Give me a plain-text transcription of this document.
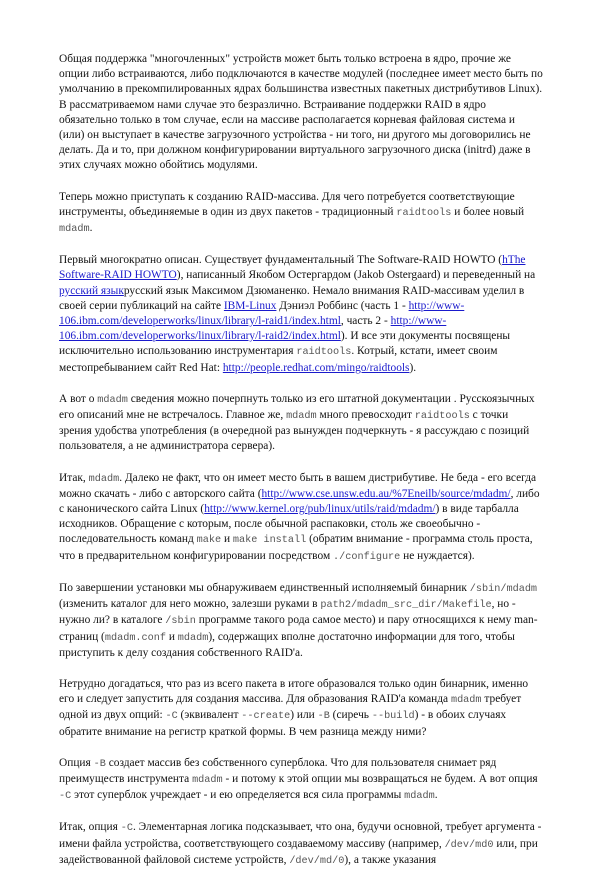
Общая поддержка "многочленных" устройств может быть только встроена в ядро, прочие же опции либо встраиваются, либо подключаются в качестве модулей (последнее имеет место быть по умолчанию в прекомпилированных ядрах большинства известных пакетных дистрибутивов Linux). В рассматриваемом нами случае это безразлично. Встраивание поддержки RAID в ядро обязательно только в том случае, если на массиве располагается корневая файловая система и (или) он выступает в качестве загрузочного устройства - ни того, ни другого мы договорились не делать. Да и то, при должном конфигурировании виртуального загрузочного диска (initrd) даже в этих случаях можно обойтись модулями.

Теперь можно приступать к созданию RAID-массива. Для чего потребуется соответствующие инструменты, объединяемые в один из двух пакетов - традиционный raidtools и более новый mdadm.

Первый многократно описан. Существует фундаментальный The Software-RAID HOWTO (hThe Software-RAID HOWTO), написанный Якобом Остергардом (Jakob Ostergaard) и переведенный на русский языкрусский язык Максимом Дзюманенко. Немало внимания RAID-массивам уделил в своей серии публикаций на сайте IBM-Linux Дэниэл Роббинс (часть 1 - http://www-106.ibm.com/developerworks/linux/library/l-raid1/index.html, часть 2 - http://www-106.ibm.com/developerworks/linux/library/l-raid2/index.html). И все эти документы посвящены исключительно использованию инструментария raidtools. Котрый, кстати, имеет своим местопребыванием сайт Red Hat: http://people.redhat.com/mingo/raidtools).

А вот о mdadm сведения можно почерпнуть только из его штатной документации . Русскоязычных его описаний мне не встречалось. Главное же, mdadm много превосходит raidtools с точки зрения удобства употребления (в очередной раз вынужден подчеркнуть - я рассуждаю с позиций пользователя, а не администратора сервера).

Итак, mdadm. Далеко не факт, что он имеет место быть в вашем дистрибутиве. Не беда - его всегда можно скачать - либо с авторского сайта (http://www.cse.unsw.edu.au/%7Eneilb/source/mdadm/, либо с канонического сайта Linux (http://www.kernel.org/pub/linux/utils/raid/mdadm/) в виде тарбалла исходников. Обращение с которым, после обычной распаковки, столь же своеобычно - последовательность команд make и make install (обратим внимание - программа столь проста, что в предварительном конфигурировании посредством ./configure не нуждается).

По завершении установки мы обнаруживаем единственный исполняемый бинарник /sbin/mdadm (изменить каталог для него можно, залезши руками в path2/mdadm_src_dir/Makefile, но - нужно ли? в каталоге /sbin программе такого рода самое место) и пару относящихся к нему man-страниц (mdadm.conf и mdadm), содержащих вполне достаточно информации для того, чтобы приступить к делу создания собственного RAID'a.

Нетрудно догадаться, что раз из всего пакета в итоге образовался только один бинарник, именно его и следует запустить для создания массива. Для образования RAID'a команда mdadm требует одной из двух опций: -C (эквивалент --create) или -B (сиречь --build) - в обоих случаях обратите внимание на регистр краткой формы. В чем разница между ними?

Опция -B создает массив без собственного суперблока. Что для пользователя снимает ряд преимуществ инструмента mdadm - и потому к этой опции мы возвращаться не будем. А вот опция -C этот суперблок учреждает - и ею определяется вся сила программы mdadm.

Итак, опция -C. Элементарная логика подсказывает, что она, будучи основной, требует аргумента - имени файла устройства, соответствующего создаваемому массиву (например, /dev/md0 или, при задействованной файловой системе устройств, /dev/md/0), а также указания
